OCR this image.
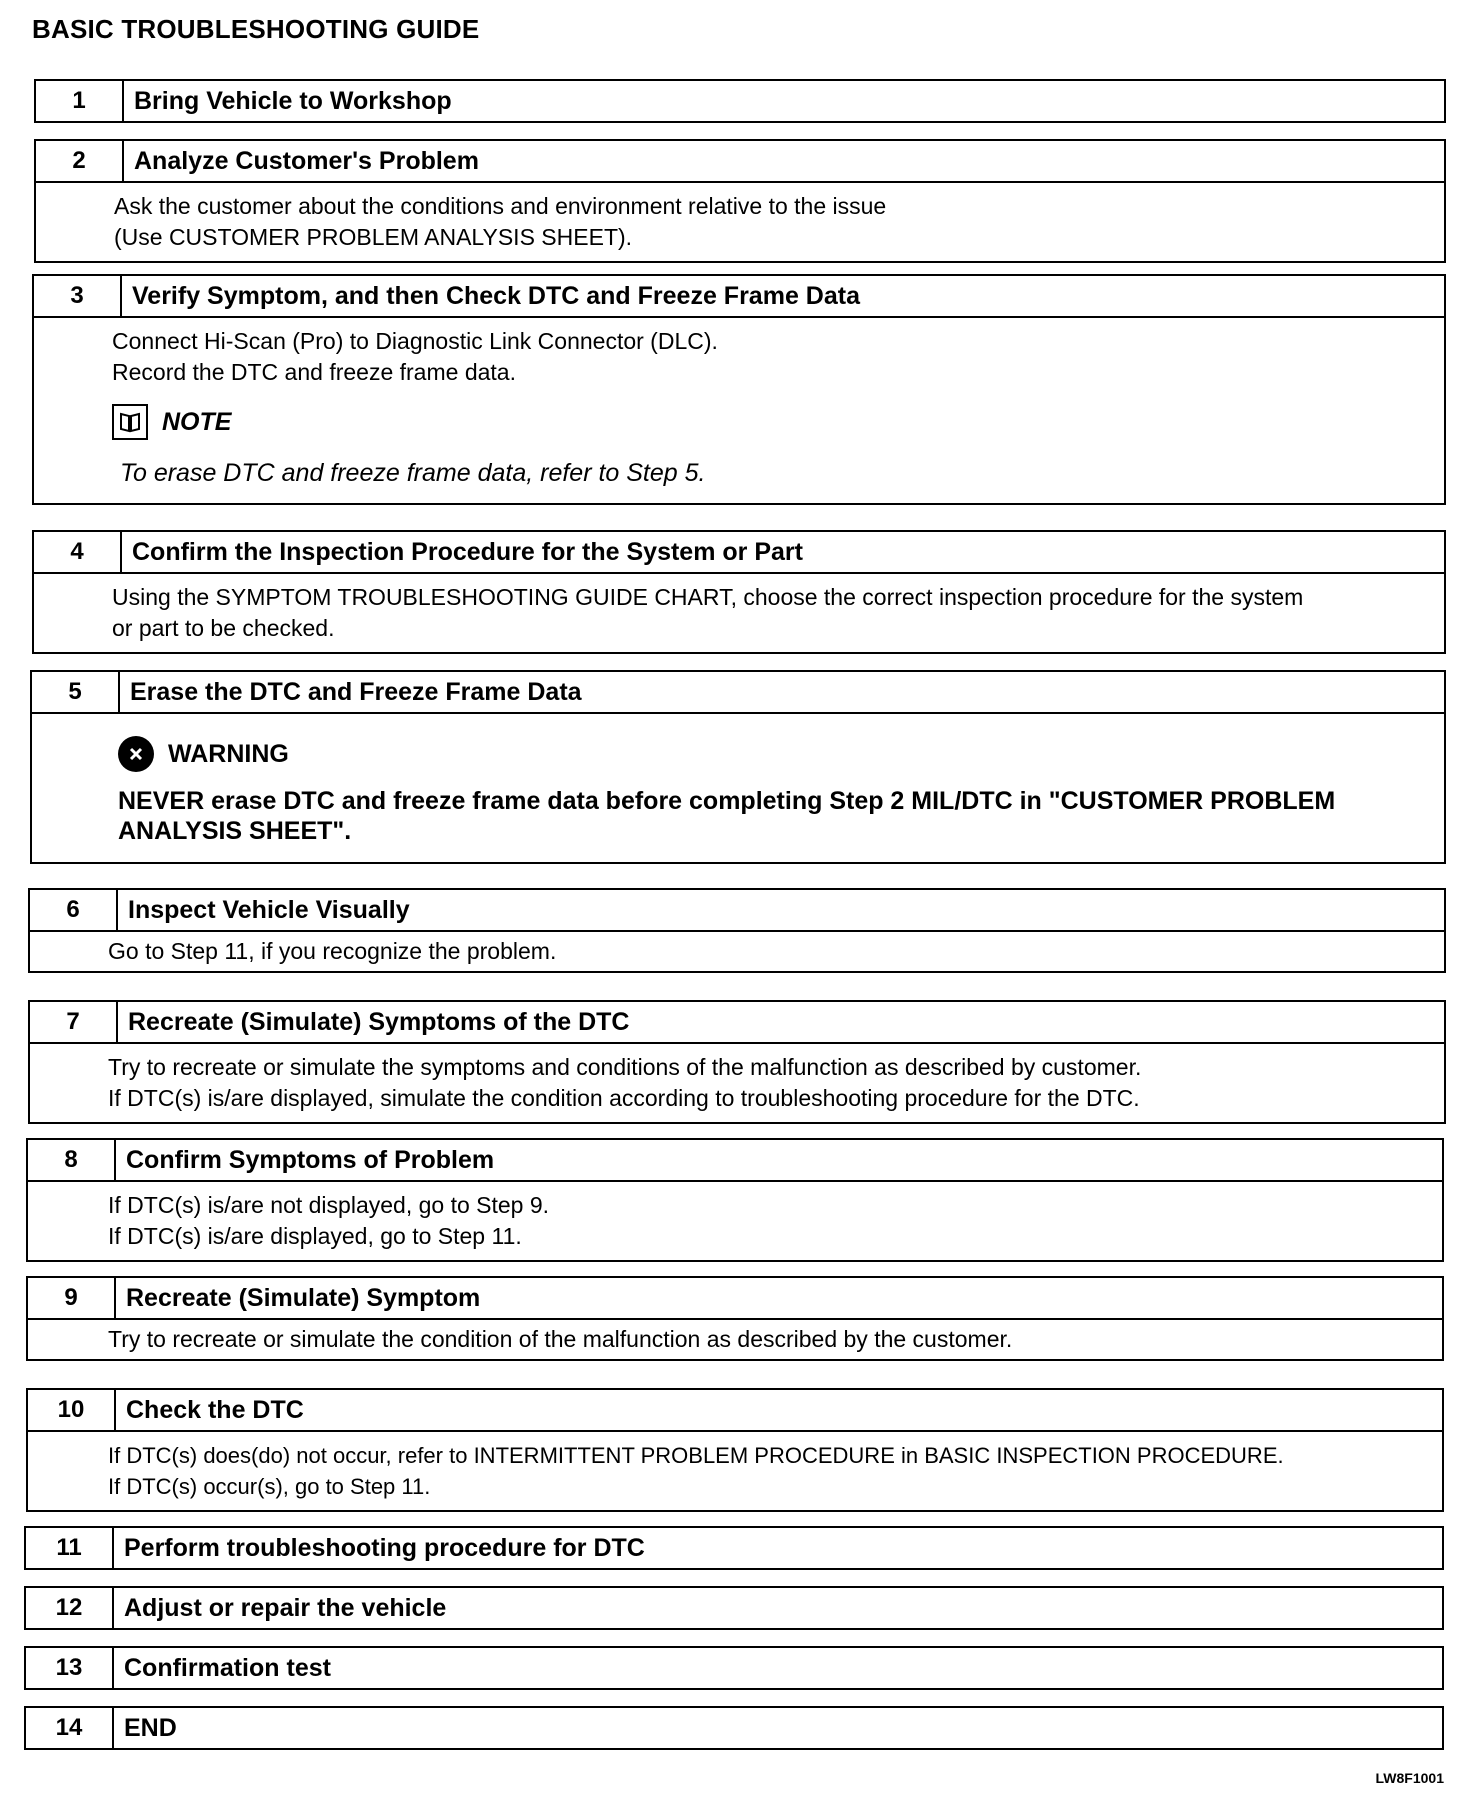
BASIC TROUBLESHOOTING GUIDE
1	Bring Vehicle to Workshop
2	Analyze Customer's Problem
Ask the customer about the conditions and environment relative to the issue
(Use CUSTOMER PROBLEM ANALYSIS SHEET).
3	Verify Symptom, and then Check DTC and Freeze Frame Data
Connect Hi-Scan (Pro) to Diagnostic Link Connector (DLC).
Record the DTC and freeze frame data.
NOTE
To erase DTC and freeze frame data, refer to Step 5.
4	Confirm the Inspection Procedure for the System or Part
Using the SYMPTOM TROUBLESHOOTING GUIDE CHART, choose the correct inspection procedure for the system
or part to be checked.
5	Erase the DTC and Freeze Frame Data
WARNING
NEVER erase DTC and freeze frame data before completing Step 2 MIL/DTC in "CUSTOMER PROBLEM ANALYSIS SHEET".
6	Inspect Vehicle Visually
Go to Step 11, if you recognize the problem.
7	Recreate (Simulate) Symptoms of the DTC
Try to recreate or simulate the symptoms and conditions of the malfunction as described by customer.
If DTC(s) is/are displayed, simulate the condition according to troubleshooting procedure for the DTC.
8	Confirm Symptoms of Problem
If DTC(s) is/are not displayed, go to Step 9.
If DTC(s) is/are displayed, go to Step 11.
9	Recreate (Simulate) Symptom
Try to recreate or simulate the condition of the malfunction as described by the customer.
10	Check the DTC
If DTC(s) does(do) not occur, refer to INTERMITTENT PROBLEM PROCEDURE in BASIC INSPECTION PROCEDURE.
If DTC(s) occur(s), go to Step 11.
11	Perform troubleshooting procedure for DTC
12	Adjust or repair the vehicle
13	Confirmation test
14	END
LW8F1001
